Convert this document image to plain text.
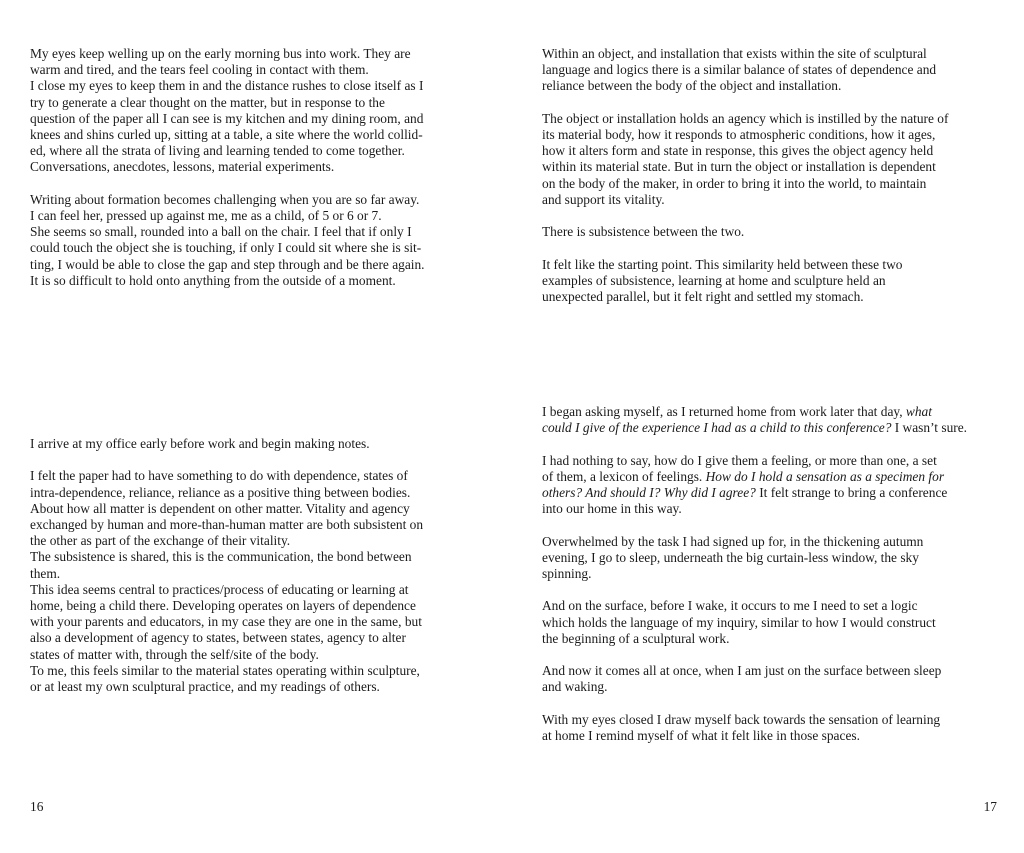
My eyes keep welling up on the early morning bus into work. They are
warm and tired, and the tears feel cooling in contact with them.
I close my eyes to keep them in and the distance rushes to close itself as I
try to generate a clear thought on the matter, but in response to the
question of the paper all I can see is my kitchen and my dining room, and
knees and shins curled up, sitting at a table, a site where the world collid-
ed, where all the strata of living and learning tended to come together.
Conversations, anecdotes, lessons, material experiments.

Writing about formation becomes challenging when you are so far away.
I can feel her, pressed up against me, me as a child, of 5 or 6 or 7.
She seems so small, rounded into a ball on the chair. I feel that if only I
could touch the object she is touching, if only I could sit where she is sit-
ting, I would be able to close the gap and step through and be there again.
It is so difficult to hold onto anything from the outside of a moment.

I arrive at my office early before work and begin making notes.

I felt the paper had to have something to do with dependence, states of
intra-dependence, reliance, reliance as a positive thing between bodies.
About how all matter is dependent on other matter. Vitality and agency
exchanged by human and more-than-human matter are both subsistent on
the other as part of the exchange of their vitality.
The subsistence is shared, this is the communication, the bond between
them.
This idea seems central to practices/process of educating or learning at
home, being a child there. Developing operates on layers of dependence
with your parents and educators, in my case they are one in the same, but
also a development of agency to states, between states, agency to alter
states of matter with, through the self/site of the body.
To me, this feels similar to the material states operating within sculpture,
or at least my own sculptural practice, and my readings of others.

16

Within an object, and installation that exists within the site of sculptural
language and logics there is a similar balance of states of dependence and
reliance between the body of the object and installation.

The object or installation holds an agency which is instilled by the nature of
its material body, how it responds to atmospheric conditions, how it ages,
how it alters form and state in response, this gives the object agency held
within its material state. But in turn the object or installation is dependent
on the body of the maker, in order to bring it into the world, to maintain
and support its vitality.

There is subsistence between the two.

It felt like the starting point. This similarity held between these two
examples of subsistence, learning at home and sculpture held an
unexpected parallel, but it felt right and settled my stomach.

I began asking myself, as I returned home from work later that day, what
could I give of the experience I had as a child to this conference? I wasn’t sure.

I had nothing to say, how do I give them a feeling, or more than one, a set
of them, a lexicon of feelings. How do I hold a sensation as a specimen for
others? And should I? Why did I agree? It felt strange to bring a conference
into our home in this way.

Overwhelmed by the task I had signed up for, in the thickening autumn
evening, I go to sleep, underneath the big curtain-less window, the sky
spinning.

And on the surface, before I wake, it occurs to me I need to set a logic
which holds the language of my inquiry, similar to how I would construct
the beginning of a sculptural work.

And now it comes all at once, when I am just on the surface between sleep
and waking.

With my eyes closed I draw myself back towards the sensation of learning
at home I remind myself of what it felt like in those spaces.

17
